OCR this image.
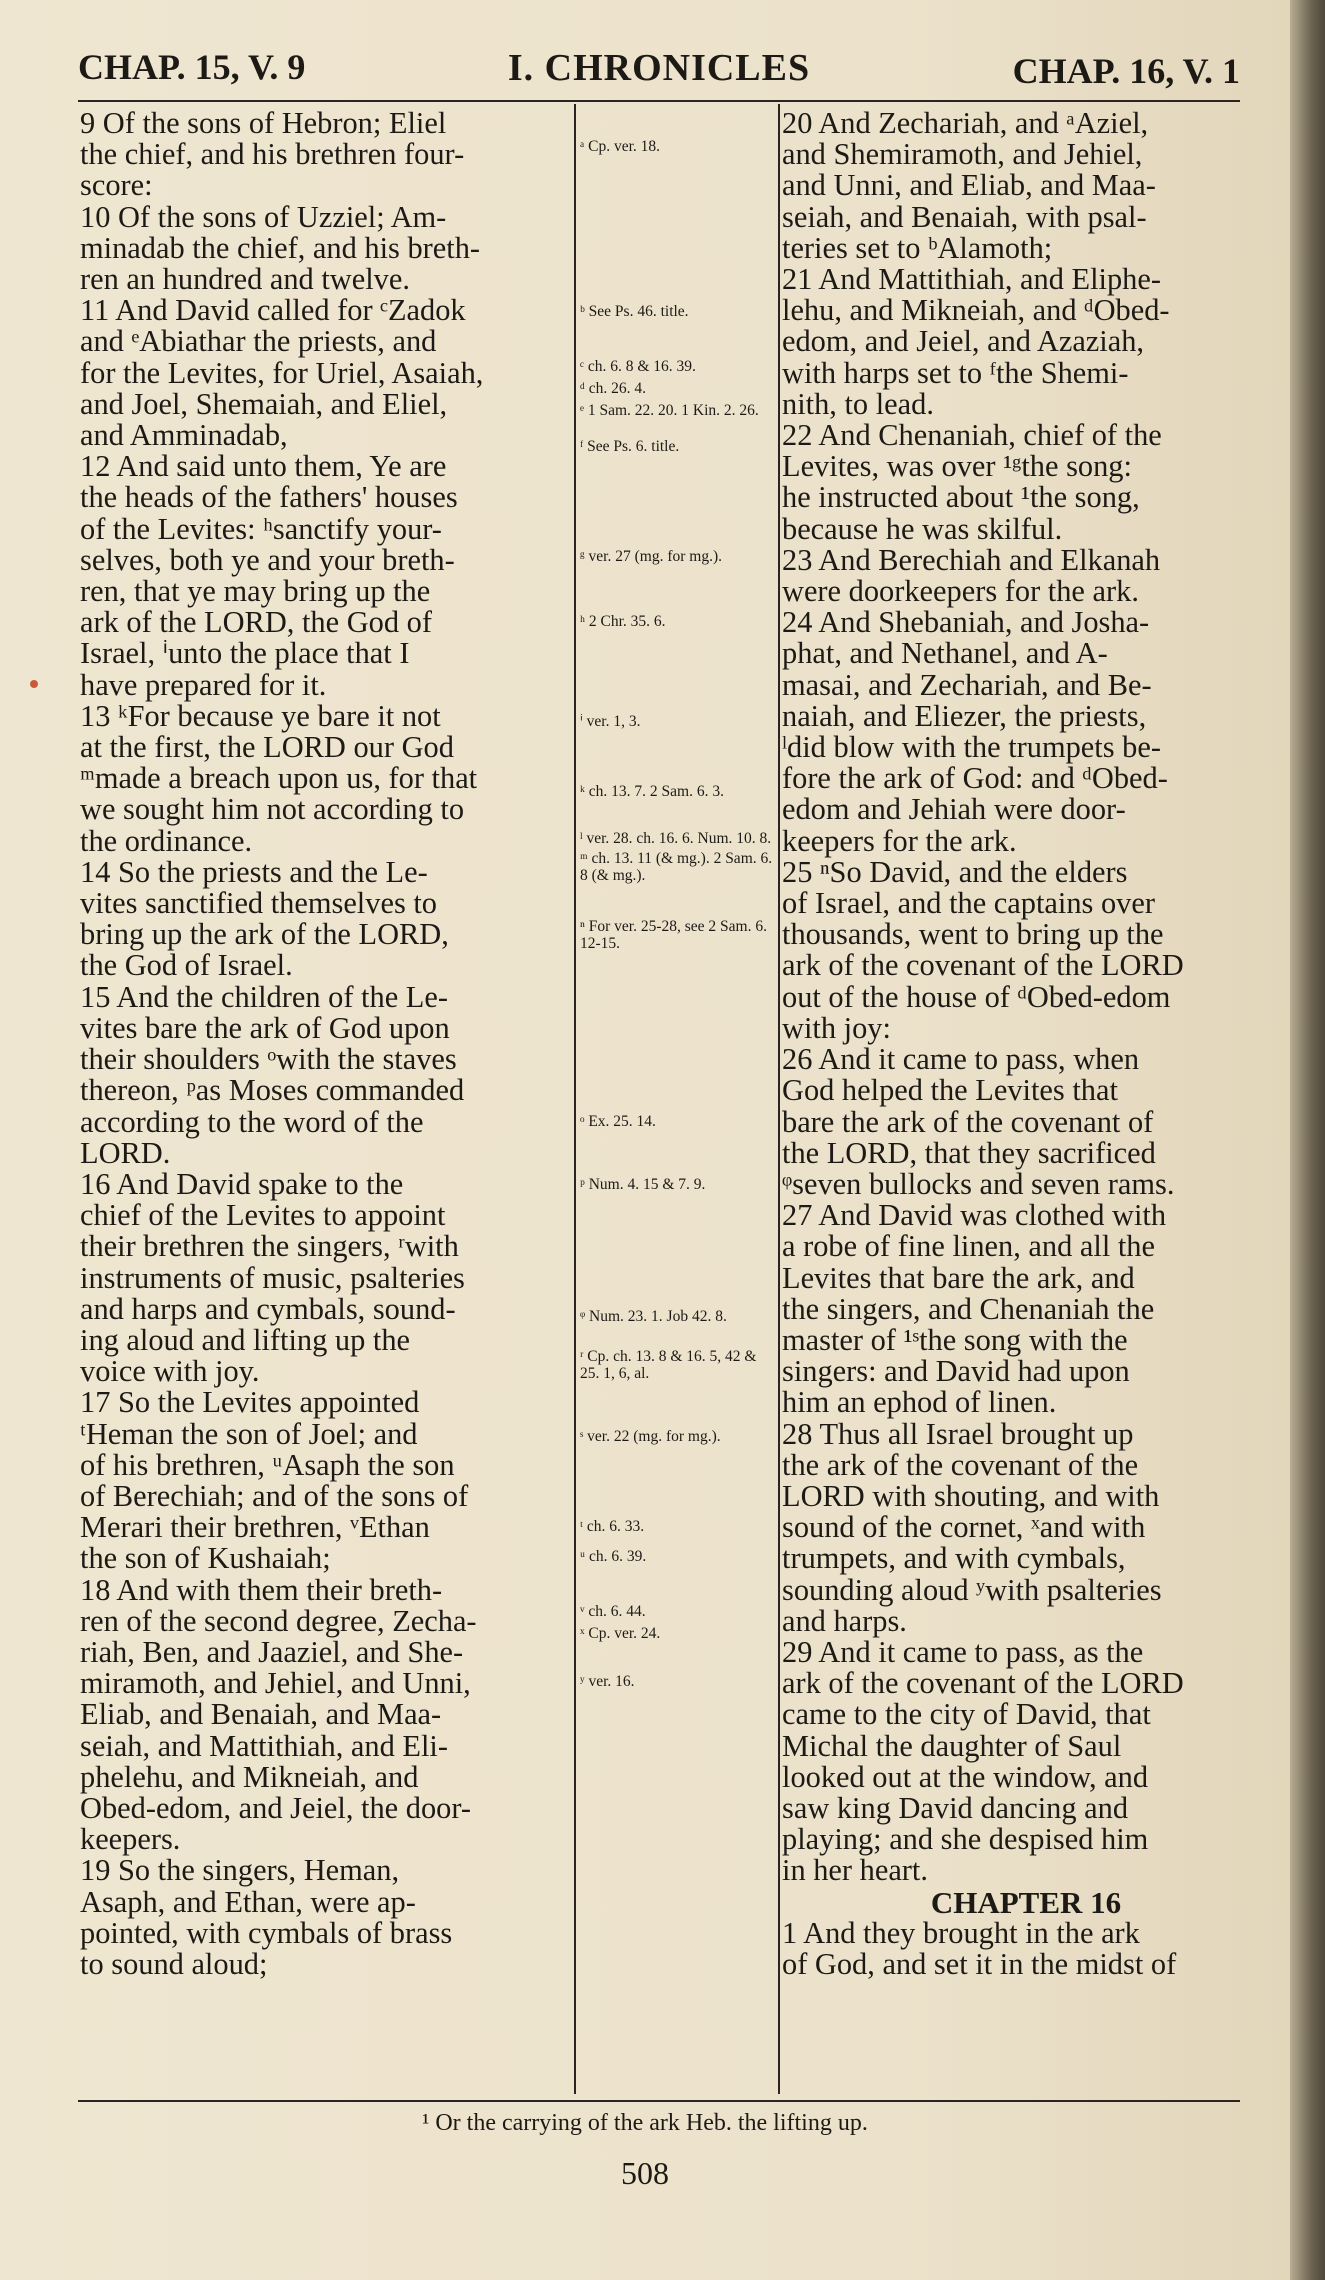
CHAP. 15, V. 9	I. CHRONICLES	CHAP. 16, V. 1
9 Of the sons of Hebron; Eliel
the chief, and his brethren four-
score:
10 Of the sons of Uzziel; Am-
minadab the chief, and his breth-
ren an hundred and twelve.
11 And David called for ᶜZadok
and ᵉAbiathar the priests, and
for the Levites, for Uriel, Asaiah,
and Joel, Shemaiah, and Eliel,
and Amminadab,
12 And said unto them, Ye are
the heads of the fathers' houses
of the Levites: ʰsanctify your-
selves, both ye and your breth-
ren, that ye may bring up the
ark of the LORD, the God of
Israel, ⁱunto the place that I
have prepared for it.
13 ᵏFor because ye bare it not
at the first, the LORD our God
ᵐmade a breach upon us, for that
we sought him not according to
the ordinance.
14 So the priests and the Le-
vites sanctified themselves to
bring up the ark of the LORD,
the God of Israel.
15 And the children of the Le-
vites bare the ark of God upon
their shoulders ᵒwith the staves
thereon, ᵖas Moses commanded
according to the word of the
LORD.
16 And David spake to the
chief of the Levites to appoint
their brethren the singers, ʳwith
instruments of music, psalteries
and harps and cymbals, sound-
ing aloud and lifting up the
voice with joy.
17 So the Levites appointed
ᵗHeman the son of Joel; and
of his brethren, ᵘAsaph the son
of Berechiah; and of the sons of
Merari their brethren, ᵛEthan
the son of Kushaiah;
18 And with them their breth-
ren of the second degree, Zecha-
riah, Ben, and Jaaziel, and She-
miramoth, and Jehiel, and Unni,
Eliab, and Benaiah, and Maa-
seiah, and Mattithiah, and Eli-
phelehu, and Mikneiah, and
Obed-edom, and Jeiel, the door-
keepers.
19 So the singers, Heman,
Asaph, and Ethan, were ap-
pointed, with cymbals of brass
to sound aloud;
ᵃ Cp. ver. 18.
ᵇ See Ps. 46. title.
ᶜ ch. 6. 8 & 16. 39.
ᵈ ch. 26. 4.
ᵉ 1 Sam. 22. 20. 1 Kin. 2. 26.
ᶠ See Ps. 6. title.
ᵍ ver. 27 (mg. for mg.).
ʰ 2 Chr. 35. 6.
ⁱ ver. 1, 3.
ᵏ ch. 13. 7. 2 Sam. 6. 3.
ˡ ver. 28. ch. 16. 6. Num. 10. 8.
ᵐ ch. 13. 11 (& mg.). 2 Sam. 6. 8 (& mg.).
ⁿ For ver. 25-28, see 2 Sam. 6. 12-15.
ᵒ Ex. 25. 14.
ᵖ Num. 4. 15 & 7. 9.
ᵠ Num. 23. 1. Job 42. 8.
ʳ Cp. ch. 13. 8 & 16. 5, 42 & 25. 1, 6, al.
ˢ ver. 22 (mg. for mg.).
ᵗ ch. 6. 33.
ᵘ ch. 6. 39.
ᵛ ch. 6. 44.
ˣ Cp. ver. 24.
ʸ ver. 16.
20 And Zechariah, and ᵃAziel,
and Shemiramoth, and Jehiel,
and Unni, and Eliab, and Maa-
seiah, and Benaiah, with psal-
teries set to ᵇAlamoth;
21 And Mattithiah, and Eliphe-
lehu, and Mikneiah, and ᵈObed-
edom, and Jeiel, and Azaziah,
with harps set to ᶠthe Shemi-
nith, to lead.
22 And Chenaniah, chief of the
Levites, was over ¹ᵍthe song:
he instructed about ¹the song,
because he was skilful.
23 And Berechiah and Elkanah
were doorkeepers for the ark.
24 And Shebaniah, and Josha-
phat, and Nethanel, and A-
masai, and Zechariah, and Be-
naiah, and Eliezer, the priests,
ˡdid blow with the trumpets be-
fore the ark of God: and ᵈObed-
edom and Jehiah were door-
keepers for the ark.
25 ⁿSo David, and the elders
of Israel, and the captains over
thousands, went to bring up the
ark of the covenant of the LORD
out of the house of ᵈObed-edom
with joy:
26 And it came to pass, when
God helped the Levites that
bare the ark of the covenant of
the LORD, that they sacrificed
ᵠseven bullocks and seven rams.
27 And David was clothed with
a robe of fine linen, and all the
Levites that bare the ark, and
the singers, and Chenaniah the
master of ¹ˢthe song with the
singers: and David had upon
him an ephod of linen.
28 Thus all Israel brought up
the ark of the covenant of the
LORD with shouting, and with
sound of the cornet, ˣand with
trumpets, and with cymbals,
sounding aloud ʸwith psalteries
and harps.
29 And it came to pass, as the
ark of the covenant of the LORD
came to the city of David, that
Michal the daughter of Saul
looked out at the window, and
saw king David dancing and
playing; and she despised him
in her heart.
CHAPTER 16
1 And they brought in the ark
of God, and set it in the midst of
¹ Or the carrying of the ark Heb. the lifting up.
508
